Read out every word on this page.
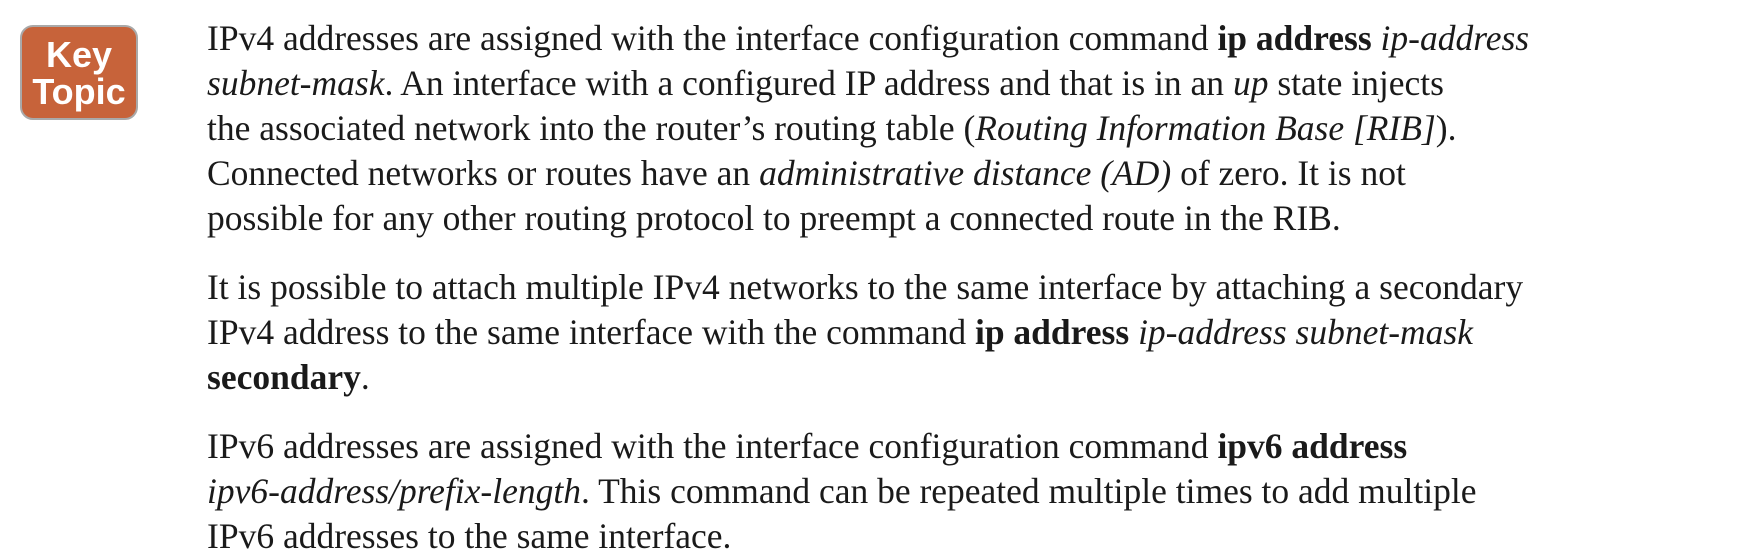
Key
Topic

IPv4 addresses are assigned with the interface configuration command ip address ip-address
subnet-mask. An interface with a configured IP address and that is in an up state injects
the associated network into the router’s routing table (Routing Information Base [RIB]).
Connected networks or routes have an administrative distance (AD) of zero. It is not
possible for any other routing protocol to preempt a connected route in the RIB.

It is possible to attach multiple IPv4 networks to the same interface by attaching a secondary
IPv4 address to the same interface with the command ip address ip-address subnet-mask
secondary.

IPv6 addresses are assigned with the interface configuration command ipv6 address
ipv6-address/prefix-length. This command can be repeated multiple times to add multiple
IPv6 addresses to the same interface.
